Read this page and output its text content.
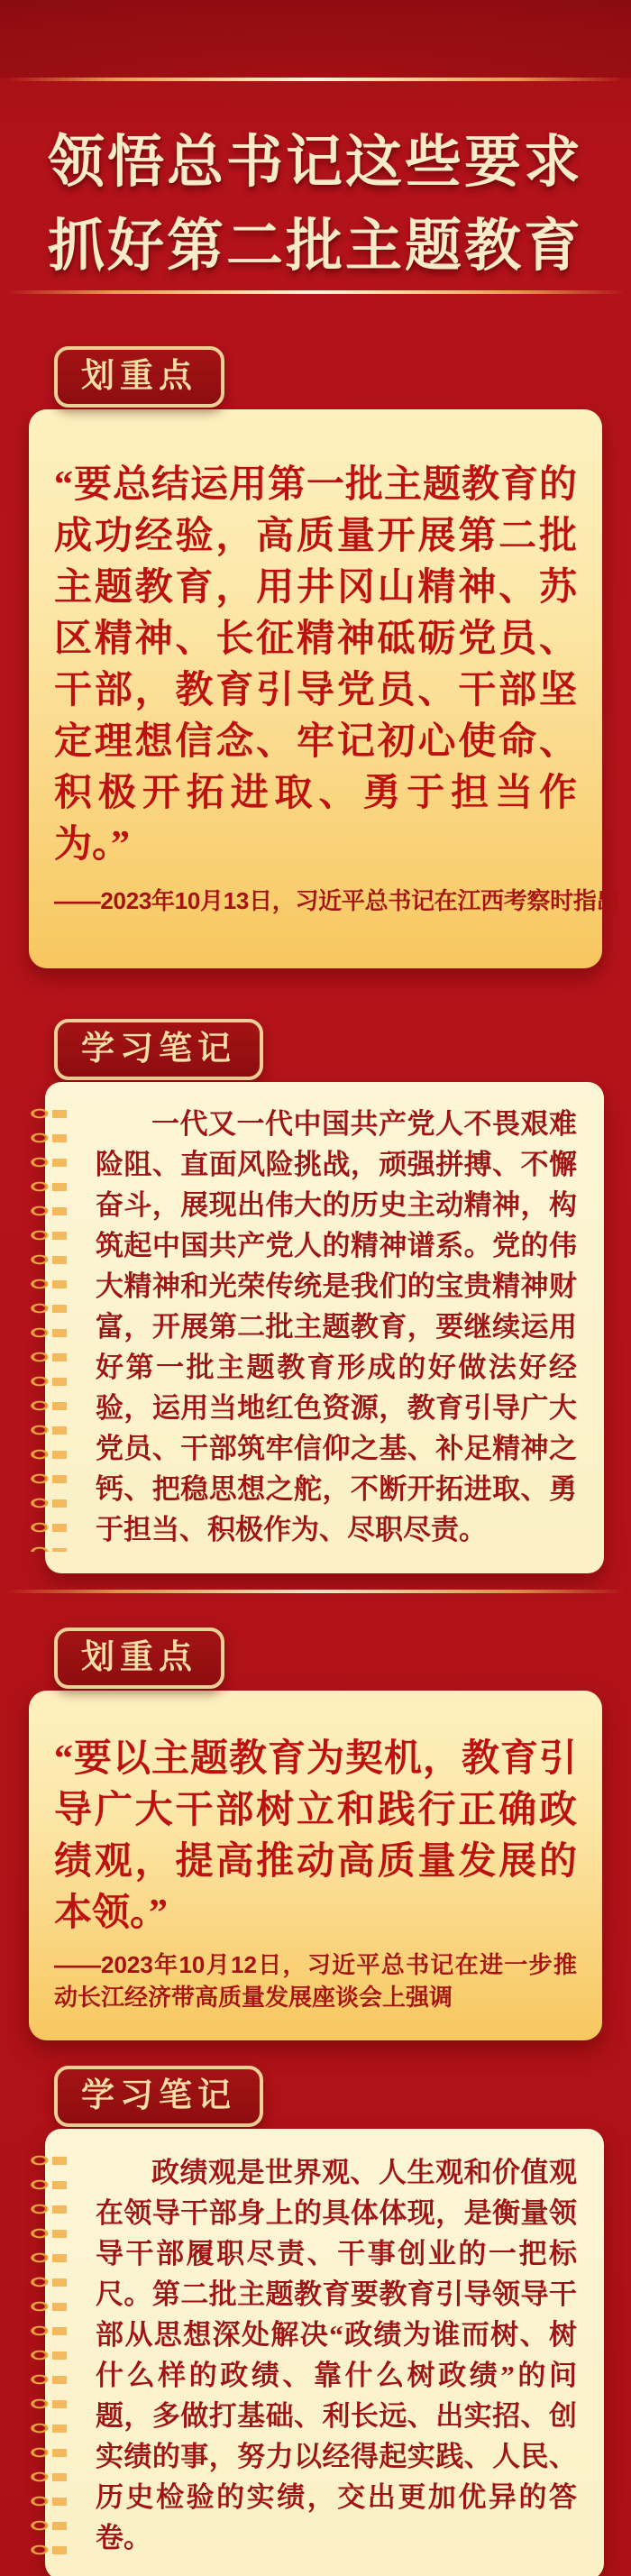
领悟总书记这些要求
抓好第二批主题教育
划重点

“要总结运用第一批主题教育的成功经验，高质量开展第二批主题教育，用井冈山精神、苏区精神、长征精神砥砺党员、干部，教育引导党员、干部坚定理想信念、牢记初心使命、积极开拓进取、勇于担当作为。”

——2023年10月13日，习近平总书记在江西考察时指出

学习笔记

一代又一代中国共产党人不畏艰难险阻、直面风险挑战，顽强拼搏、不懈奋斗，展现出伟大的历史主动精神，构筑起中国共产党人的精神谱系。党的伟大精神和光荣传统是我们的宝贵精神财富，开展第二批主题教育，要继续运用好第一批主题教育形成的好做法好经验，运用当地红色资源，教育引导广大党员、干部筑牢信仰之基、补足精神之钙、把稳思想之舵，不断开拓进取、勇于担当、积极作为、尽职尽责。

划重点

“要以主题教育为契机，教育引导广大干部树立和践行正确政绩观，提高推动高质量发展的本领。”

——2023年10月12日，习近平总书记在进一步推动长江经济带高质量发展座谈会上强调

学习笔记

政绩观是世界观、人生观和价值观在领导干部身上的具体体现，是衡量领导干部履职尽责、干事创业的一把标尺。第二批主题教育要教育引导领导干部从思想深处解决“政绩为谁而树、树什么样的政绩、靠什么树政绩”的问题，多做打基础、利长远、出实招、创实绩的事，努力以经得起实践、人民、历史检验的实绩，交出更加优异的答卷。
